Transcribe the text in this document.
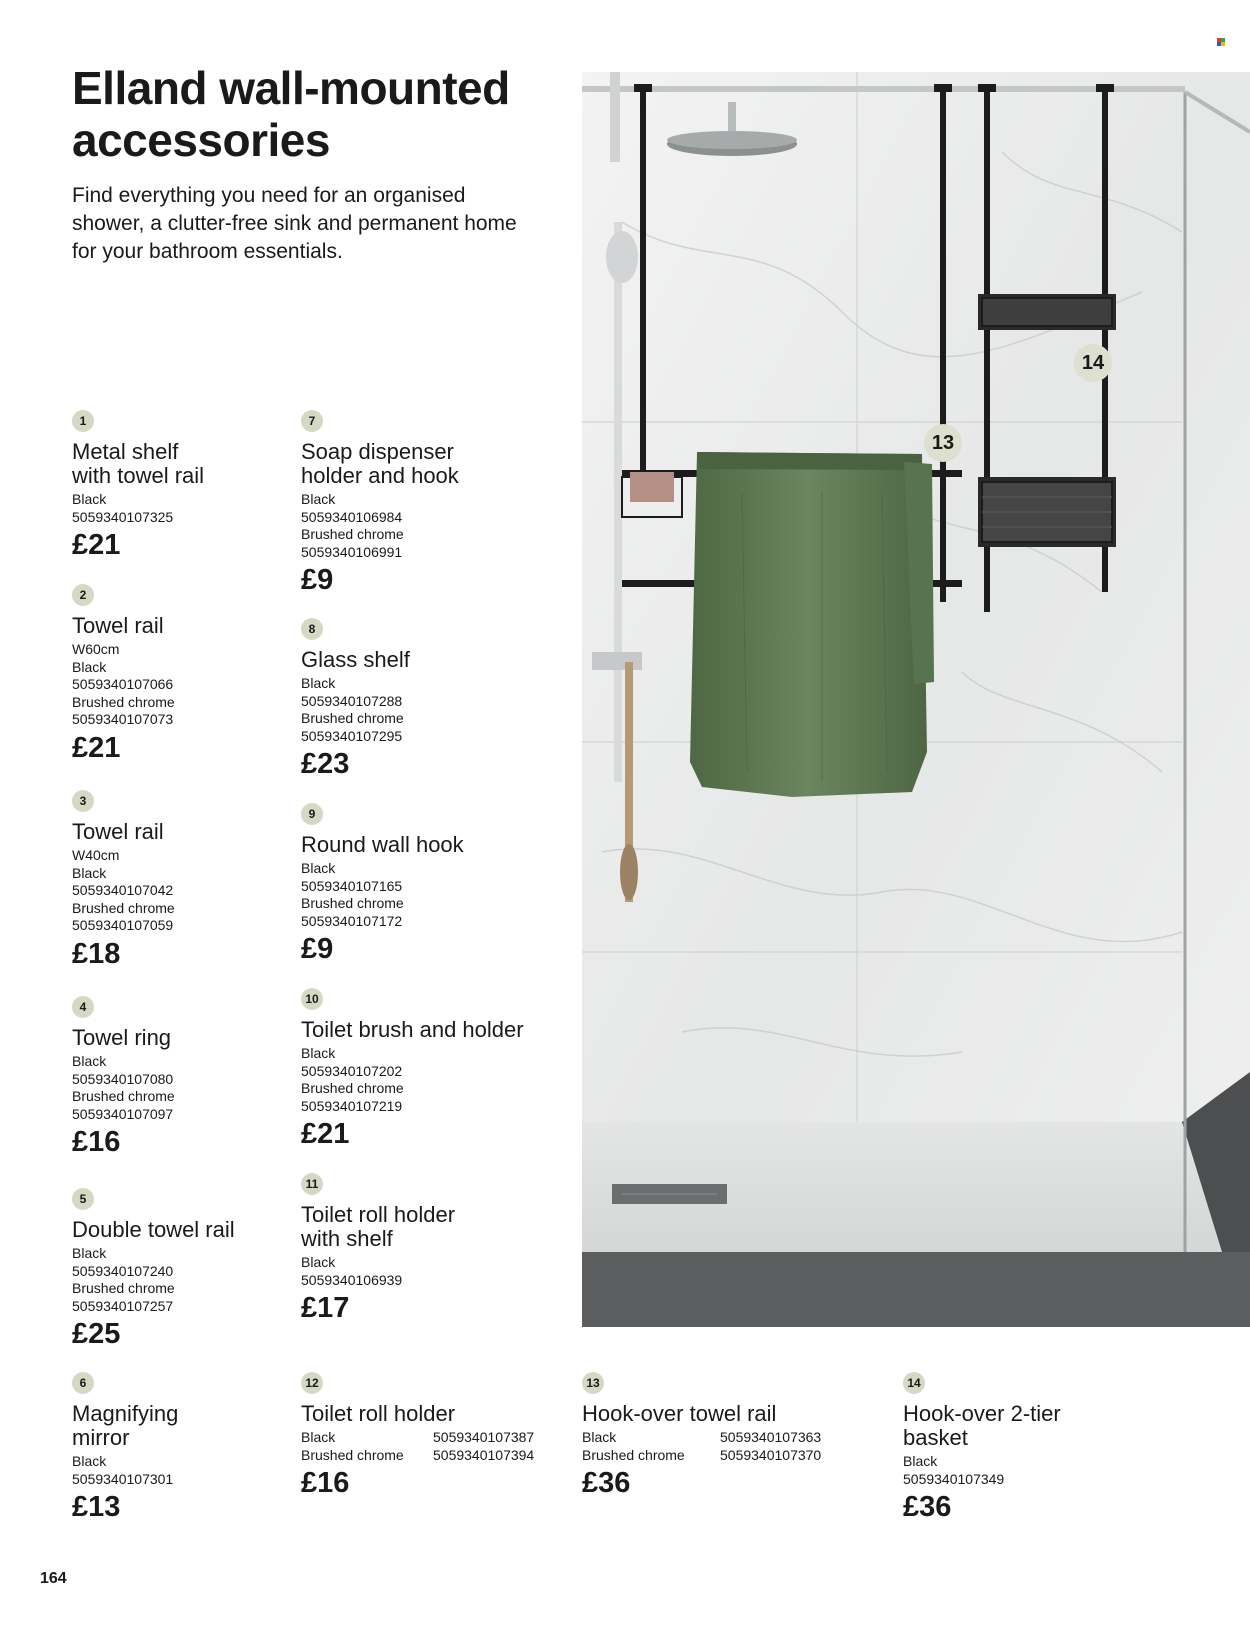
Elland wall-mounted
accessories

Find everything you need for an organised shower, a clutter-free sink and permanent home for your bathroom essentials.

1
Metal shelf
with towel rail
Black
5059340107325
£21
2
Towel rail
W60cm
Black
5059340107066
Brushed chrome
5059340107073
£21
3
Towel rail
W40cm
Black
5059340107042
Brushed chrome
5059340107059
£18
4
Towel ring
Black
5059340107080
Brushed chrome
5059340107097
£16
5
Double towel rail
Black
5059340107240
Brushed chrome
5059340107257
£25
6
Magnifying
mirror
Black
5059340107301
£13
7
Soap dispenser
holder and hook
Black
5059340106984
Brushed chrome
5059340106991
£9
8
Glass shelf
Black
5059340107288
Brushed chrome
5059340107295
£23
9
Round wall hook
Black
5059340107165
Brushed chrome
5059340107172
£9
10
Toilet brush and holder
Black
5059340107202
Brushed chrome
5059340107219
£21
11
Toilet roll holder
with shelf
Black
5059340106939
£17
12
Toilet roll holder
Black	5059340107387
Brushed chrome	5059340107394
£16
13
Hook-over towel rail
Black	5059340107363
Brushed chrome	5059340107370
£36
14
Hook-over 2-tier
basket
Black
5059340107349
£36
13
14
164
